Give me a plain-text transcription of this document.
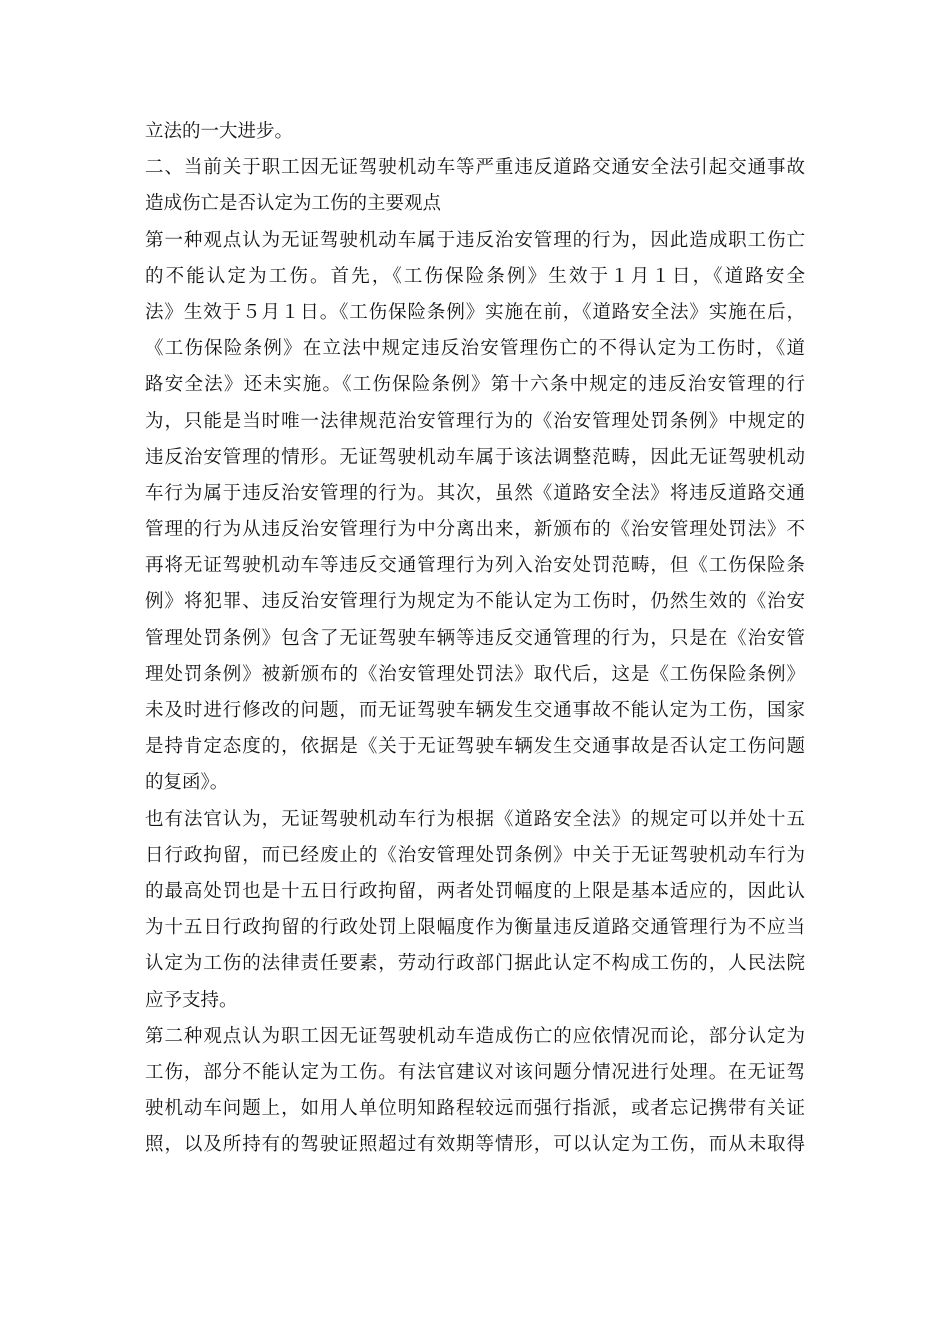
立法的一大进步。
二、当前关于职工因无证驾驶机动车等严重违反道路交通安全法引起交通事故
造成伤亡是否认定为工伤的主要观点
第一种观点认为无证驾驶机动车属于违反治安管理的行为，因此造成职工伤亡
的不能认定为工伤。首先，《工伤保险条例》生效于１月１日，《道路安全
法》生效于５月１日。《工伤保险条例》实施在前，《道路安全法》实施在后，
《工伤保险条例》在立法中规定违反治安管理伤亡的不得认定为工伤时，《道
路安全法》还未实施。《工伤保险条例》第十六条中规定的违反治安管理的行
为，只能是当时唯一法律规范治安管理行为的《治安管理处罚条例》中规定的
违反治安管理的情形。无证驾驶机动车属于该法调整范畴，因此无证驾驶机动
车行为属于违反治安管理的行为。其次，虽然《道路安全法》将违反道路交通
管理的行为从违反治安管理行为中分离出来，新颁布的《治安管理处罚法》不
再将无证驾驶机动车等违反交通管理行为列入治安处罚范畴，但《工伤保险条
例》将犯罪、违反治安管理行为规定为不能认定为工伤时，仍然生效的《治安
管理处罚条例》包含了无证驾驶车辆等违反交通管理的行为，只是在《治安管
理处罚条例》被新颁布的《治安管理处罚法》取代后，这是《工伤保险条例》
未及时进行修改的问题，而无证驾驶车辆发生交通事故不能认定为工伤，国家
是持肯定态度的，依据是《关于无证驾驶车辆发生交通事故是否认定工伤问题
的复函》。
也有法官认为，无证驾驶机动车行为根据《道路安全法》的规定可以并处十五
日行政拘留，而已经废止的《治安管理处罚条例》中关于无证驾驶机动车行为
的最高处罚也是十五日行政拘留，两者处罚幅度的上限是基本适应的，因此认
为十五日行政拘留的行政处罚上限幅度作为衡量违反道路交通管理行为不应当
认定为工伤的法律责任要素，劳动行政部门据此认定不构成工伤的，人民法院
应予支持。
第二种观点认为职工因无证驾驶机动车造成伤亡的应依情况而论，部分认定为
工伤，部分不能认定为工伤。有法官建议对该问题分情况进行处理。在无证驾
驶机动车问题上，如用人单位明知路程较远而强行指派，或者忘记携带有关证
照，以及所持有的驾驶证照超过有效期等情形，可以认定为工伤，而从未取得
